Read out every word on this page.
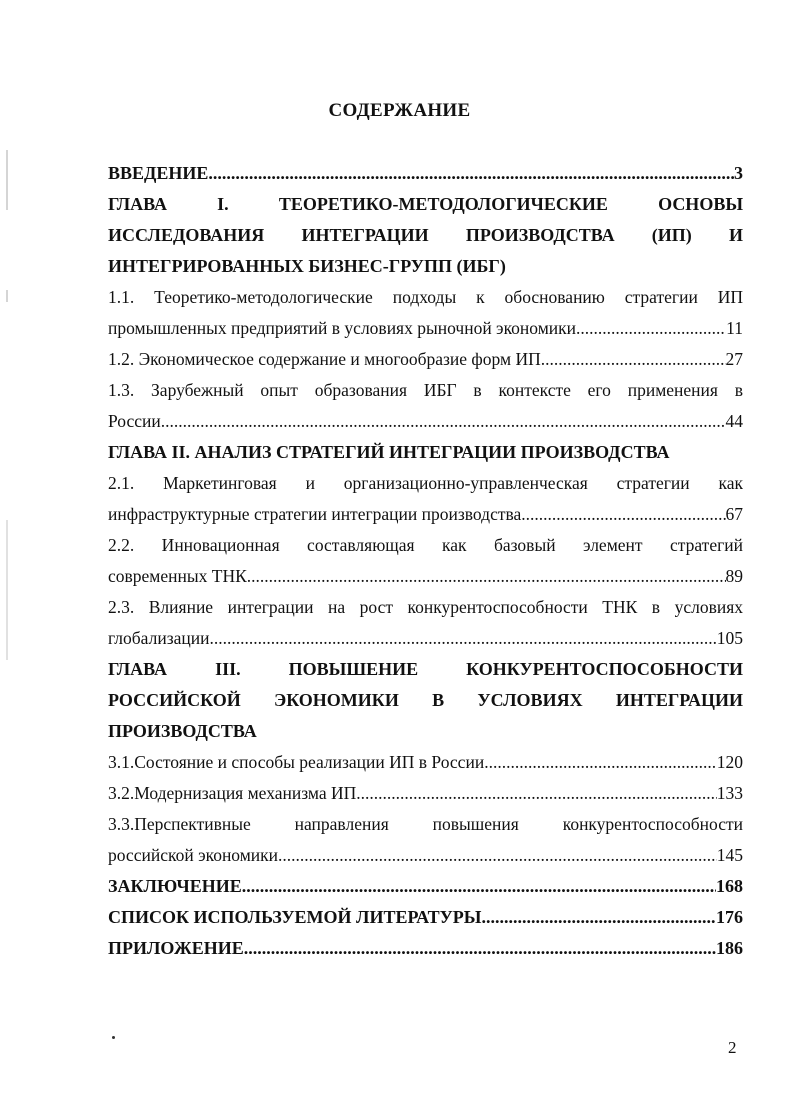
СОДЕРЖАНИЕ
ВВЕДЕНИЕ .....	3
ГЛАВА I. ТЕОРЕТИКО-МЕТОДОЛОГИЧЕСКИЕ ОСНОВЫ
ИССЛЕДОВАНИЯ ИНТЕГРАЦИИ ПРОИЗВОДСТВА (ИП) И
ИНТЕГРИРОВАННЫХ БИЗНЕС-ГРУПП (ИБГ)
1.1. Теоретико-методологические подходы к обоснованию стратегии ИП
промышленных предприятий в условиях рыночной экономики .....	11
1.2. Экономическое содержание и многообразие форм ИП .....	27
1.3. Зарубежный опыт образования ИБГ в контексте его применения в
России .....	44
ГЛАВА II. АНАЛИЗ СТРАТЕГИЙ ИНТЕГРАЦИИ ПРОИЗВОДСТВА
2.1. Маркетинговая и организационно-управленческая стратегии как
инфраструктурные стратегии интеграции производства .....	67
2.2. Инновационная составляющая как базовый элемент стратегий
современных ТНК .....	89
2.3. Влияние интеграции на рост конкурентоспособности ТНК в условиях
глобализации .....	105
ГЛАВА III. ПОВЫШЕНИЕ КОНКУРЕНТОСПОСОБНОСТИ
РОССИЙСКОЙ ЭКОНОМИКИ В УСЛОВИЯХ ИНТЕГРАЦИИ
ПРОИЗВОДСТВА
3.1.Состояние и способы реализации ИП в России .....	120
3.2.Модернизация механизма ИП .....	133
3.3.Перспективные направления повышения конкурентоспособности
российской экономики .....	145
ЗАКЛЮЧЕНИЕ .....	168
СПИСОК ИСПОЛЬЗУЕМОЙ ЛИТЕРАТУРЫ .....	176
ПРИЛОЖЕНИЕ .....	186
2
